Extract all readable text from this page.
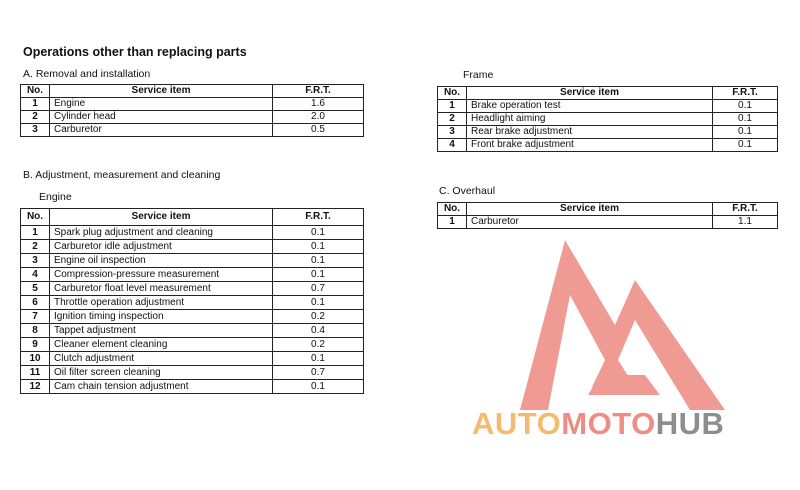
Operations other than replacing parts
A. Removal and installation
No.	Service item	F.R.T.
1	Engine	1.6
2	Cylinder head	2.0
3	Carburetor	0.5
B. Adjustment, measurement and cleaning
Engine
No.	Service item	F.R.T.
1	Spark plug adjustment and cleaning	0.1
2	Carburetor idle adjustment	0.1
3	Engine oil inspection	0.1
4	Compression-pressure measurement	0.1
5	Carburetor float level measurement	0.7
6	Throttle operation adjustment	0.1
7	Ignition timing inspection	0.2
8	Tappet adjustment	0.4
9	Cleaner element cleaning	0.2
10	Clutch adjustment	0.1
11	Oil filter screen cleaning	0.7
12	Cam chain tension adjustment	0.1
Frame
No.	Service item	F.R.T.
1	Brake operation test	0.1
2	Headlight aiming	0.1
3	Rear brake adjustment	0.1
4	Front brake adjustment	0.1
C. Overhaul
No.	Service item	F.R.T.
1	Carburetor	1.1
AUTOMOTOHUB
